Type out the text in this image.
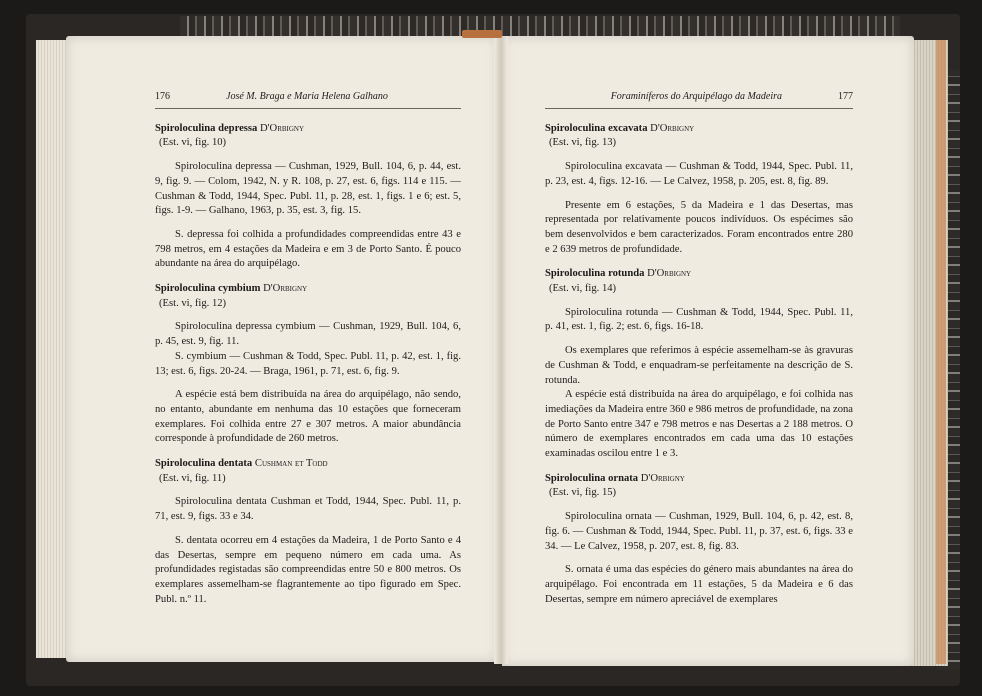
176	José M. Braga e Maria Helena Galhano

Spiroloculina depressa D'Orbigny

(Est. vi, fig. 10)

Spiroloculina depressa — Cushman, 1929, Bull. 104, 6, p. 44, est. 9, fig. 9. — Colom, 1942, N. y R. 108, p. 27, est. 6, figs. 114 e 115. — Cushman & Todd, 1944, Spec. Publ. 11, p. 28, est. 1, figs. 1 e 6; est. 5, figs. 1-9. — Galhano, 1963, p. 35, est. 3, fig. 15.

S. depressa foi colhida a profundidades compreendidas entre 43 e 798 metros, em 4 estações da Madeira e em 3 de Porto Santo. É pouco abundante na área do arquipélago.

Spiroloculina cymbium D'Orbigny

(Est. vi, fig. 12)

Spiroloculina depressa cymbium — Cushman, 1929, Bull. 104, 6, p. 45, est. 9, fig. 11.

S. cymbium — Cushman & Todd, Spec. Publ. 11, p. 42, est. 1, fig. 13; est. 6, figs. 20-24. — Braga, 1961, p. 71, est. 6, fig. 9.

A espécie está bem distribuída na área do arquipélago, não sendo, no entanto, abundante em nenhuma das 10 estações que forneceram exemplares. Foi colhida entre 27 e 307 metros. A maior abundância corresponde à profundidade de 260 metros.

Spiroloculina dentata Cushman et Todd

(Est. vi, fig. 11)

Spiroloculina dentata Cushman et Todd, 1944, Spec. Publ. 11, p. 71, est. 9, figs. 33 e 34.

S. dentata ocorreu em 4 estações da Madeira, 1 de Porto Santo e 4 das Desertas, sempre em pequeno número em cada uma. As profundidades registadas são compreendidas entre 50 e 800 metros. Os exemplares assemelham-se flagrantemente ao tipo figurado em Spec. Publ. n.º 11.

Foraminíferos do Arquipélago da Madeira	177

Spiroloculina excavata D'Orbigny

(Est. vi, fig. 13)

Spiroloculina excavata — Cushman & Todd, 1944, Spec. Publ. 11, p. 23, est. 4, figs. 12-16. — Le Calvez, 1958, p. 205, est. 8, fig. 89.

Presente em 6 estações, 5 da Madeira e 1 das Desertas, mas representada por relativamente poucos indivíduos. Os espécimes são bem desenvolvidos e bem caracterizados. Foram encontrados entre 280 e 2 639 metros de profundidade.

Spiroloculina rotunda D'Orbigny

(Est. vi, fig. 14)

Spiroloculina rotunda — Cushman & Todd, 1944, Spec. Publ. 11, p. 41, est. 1, fig. 2; est. 6, figs. 16-18.

Os exemplares que referimos à espécie assemelham-se às gravuras de Cushman & Todd, e enquadram-se perfeitamente na descrição de S. rotunda.

A espécie está distribuída na área do arquipélago, e foi colhida nas imediações da Madeira entre 360 e 986 metros de profundidade, na zona de Porto Santo entre 347 e 798 metros e nas Desertas a 2 188 metros. O número de exemplares encontrados em cada uma das 10 estações examinadas oscilou entre 1 e 3.

Spiroloculina ornata D'Orbigny

(Est. vi, fig. 15)

Spiroloculina ornata — Cushman, 1929, Bull. 104, 6, p. 42, est. 8, fig. 6. — Cushman & Todd, 1944, Spec. Publ. 11, p. 37, est. 6, figs. 33 e 34. — Le Calvez, 1958, p. 207, est. 8, fig. 83.

S. ornata é uma das espécies do género mais abundantes na área do arquipélago. Foi encontrada em 11 estações, 5 da Madeira e 6 das Desertas, sempre em número apreciável de exemplares
